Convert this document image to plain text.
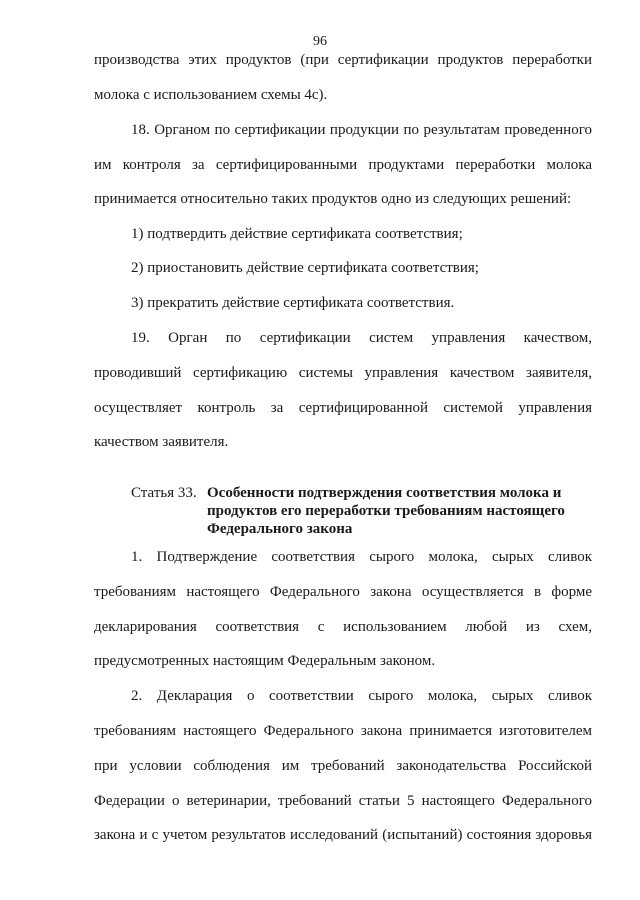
96
производства этих продуктов (при сертификации продуктов переработки
молока с использованием схемы 4с).
18. Органом по сертификации продукции по результатам проведенного
им контроля за сертифицированными продуктами переработки молока
принимается относительно таких продуктов одно из следующих решений:
1) подтвердить действие сертификата соответствия;
2) приостановить действие сертификата соответствия;
3) прекратить действие сертификата соответствия.
19. Орган по сертификации систем управления качеством,
проводивший сертификацию системы управления качеством заявителя,
осуществляет контроль за сертифицированной системой управления
качеством заявителя.
Статья 33. Особенности подтверждения соответствия молока и
продуктов его переработки требованиям настоящего
Федерального закона
1. Подтверждение соответствия сырого молока, сырых сливок
требованиям настоящего Федерального закона осуществляется в форме
декларирования соответствия с использованием любой из схем,
предусмотренных настоящим Федеральным законом.
2. Декларация о соответствии сырого молока, сырых сливок
требованиям настоящего Федерального закона принимается изготовителем
при условии соблюдения им требований законодательства Российской
Федерации о ветеринарии, требований статьи 5 настоящего Федерального
закона и с учетом результатов исследований (испытаний) состояния здоровья
